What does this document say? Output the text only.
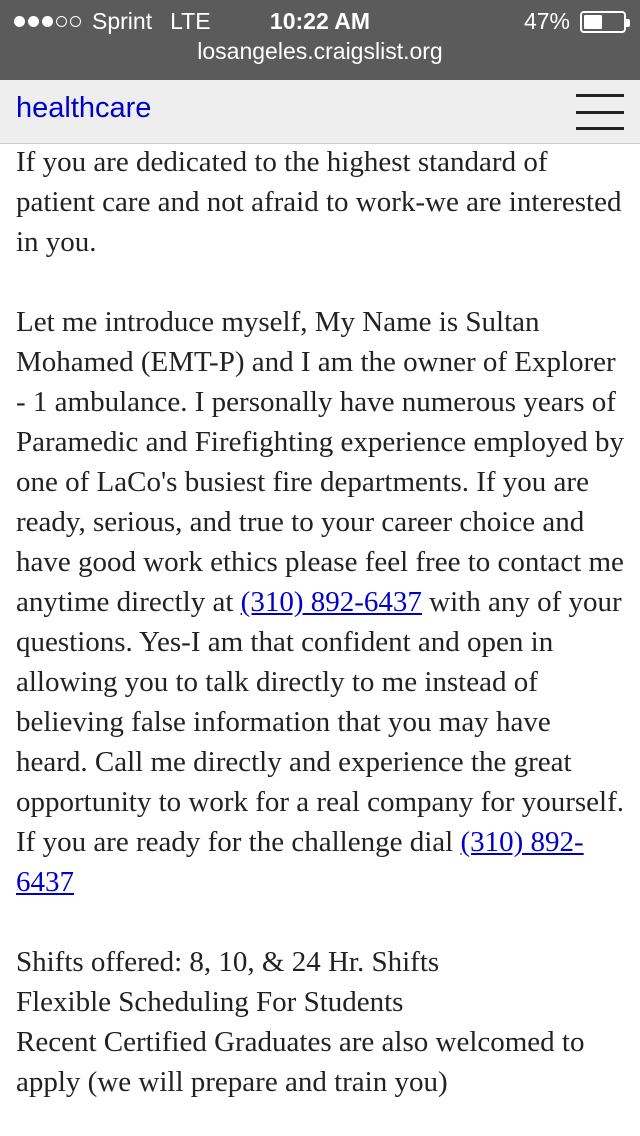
Sprint LTE	10:22 AM	47%
losangeles.craigslist.org
healthcare

If you are dedicated to the highest standard of patient care and not afraid to work-we are interested in you.

Let me introduce myself, My Name is Sultan Mohamed (EMT-P) and I am the owner of Explorer - 1 ambulance. I personally have numerous years of Paramedic and Firefighting experience employed by one of LaCo's busiest fire departments. If you are ready, serious, and true to your career choice and have good work ethics please feel free to contact me anytime directly at (310) 892-6437 with any of your questions. Yes-I am that confident and open in allowing you to talk directly to me instead of believing false information that you may have heard. Call me directly and experience the great opportunity to work for a real company for yourself. If you are ready for the challenge dial (310) 892-6437

Shifts offered: 8, 10, & 24 Hr. Shifts

Flexible Scheduling For Students

Recent Certified Graduates are also welcomed to apply (we will prepare and train you)
